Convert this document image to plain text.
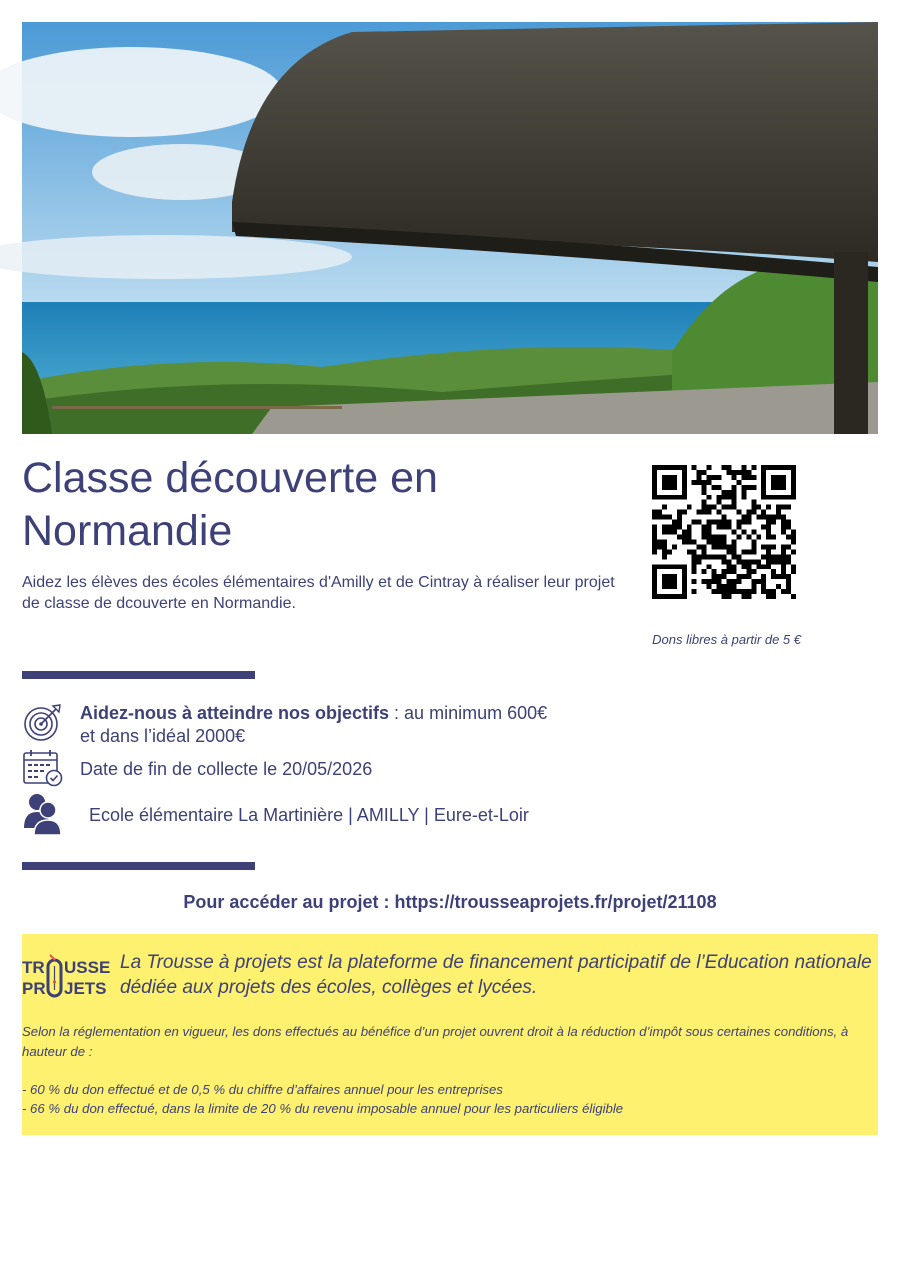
Classe découverte en Normandie

Aidez les élèves des écoles élémentaires d'Amilly et de Cintray à réaliser leur projet de classe de dcouverte en Normandie.

Dons libres à partir de 5 €
Aidez-nous à atteindre nos objectifs : au minimum 600€
et dans l’idéal 2000€
Date de fin de collecte le 20/05/2026
Ecole élémentaire La Martinière | AMILLY | Eure-et-Loir
Pour accéder au projet : https://trousseaprojets.fr/projet/21108
TR USSE
PR JETS

La Trousse à projets est la plateforme de financement participatif de l’Education nationale dédiée aux projets des écoles, collèges et lycées.

Selon la réglementation en vigueur, les dons effectués au bénéfice d’un projet ouvrent droit à la réduction d’impôt sous certaines conditions, à hauteur de :

- 60 % du don effectué et de 0,5 % du chiffre d’affaires annuel pour les entreprises
- 66 % du don effectué, dans la limite de 20 % du revenu imposable annuel pour les particuliers éligible
